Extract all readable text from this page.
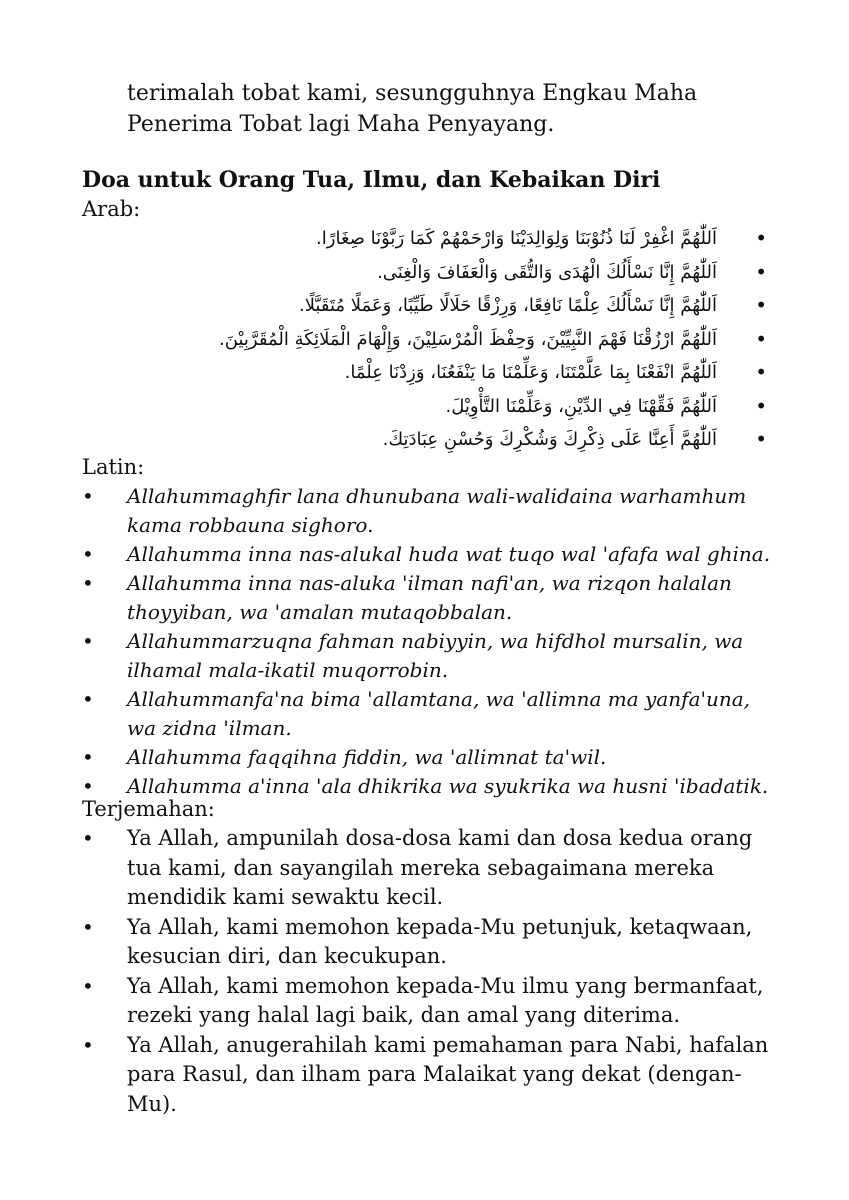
terimalah tobat kami, sesungguhnya Engkau Maha Penerima Tobat lagi Maha Penyayang.

Doa untuk Orang Tua, Ilmu, dan Kebaikan Diri

Arab:

•
اَللّٰهُمَّ اغْفِرْ لَنَا ذُنُوْبَنَا وَلِوَالِدَيْنَا وَارْحَمْهُمْ كَمَا رَبَّوْنَا صِغَارًا.
•
اَللّٰهُمَّ إِنَّا نَسْأَلُكَ الْهُدَى وَالتُّقَى وَالْعَفَافَ وَالْغِنَى.
•
اَللّٰهُمَّ إِنَّا نَسْأَلُكَ عِلْمًا نَافِعًا، وَرِزْقًا حَلَالًا طَيِّبًا، وَعَمَلًا مُتَقَبَّلًا.
•
اَللّٰهُمَّ ارْزُقْنَا فَهْمَ النَّبِيِّيْنَ، وَحِفْظَ الْمُرْسَلِيْنَ، وَإِلْهَامَ الْمَلَائِكَةِ الْمُقَرَّبِيْنَ.
•
اَللّٰهُمَّ انْفَعْنَا بِمَا عَلَّمْتَنَا، وَعَلِّمْنَا مَا يَنْفَعُنَا، وَزِدْنَا عِلْمًا.
•
اَللّٰهُمَّ فَقِّهْنَا فِي الدِّيْنِ، وَعَلِّمْنَا التَّأْوِيْلَ.
•
اَللّٰهُمَّ أَعِنَّا عَلَى ذِكْرِكَ وَشُكْرِكَ وَحُسْنِ عِبَادَتِكَ.

Latin:

• Allahummaghfir lana dhunubana wali-walidaina warhamhum kama robbauna sighoro.
• Allahumma inna nas-alukal huda wat tuqo wal 'afafa wal ghina.
• Allahumma inna nas-aluka 'ilman nafi'an, wa rizqon halalan thoyyiban, wa 'amalan mutaqobbalan.
• Allahummarzuqna fahman nabiyyin, wa hifdhol mursalin, wa ilhamal mala-ikatil muqorrobin.
• Allahummanfa'na bima 'allamtana, wa 'allimna ma yanfa'una, wa zidna 'ilman.
• Allahumma faqqihna fiddin, wa 'allimnat ta'wil.
• Allahumma a'inna 'ala dhikrika wa syukrika wa husni 'ibadatik.

Terjemahan:

• Ya Allah, ampunilah dosa-dosa kami dan dosa kedua orang tua kami, dan sayangilah mereka sebagaimana mereka mendidik kami sewaktu kecil.
• Ya Allah, kami memohon kepada-Mu petunjuk, ketaqwaan, kesucian diri, dan kecukupan.
• Ya Allah, kami memohon kepada-Mu ilmu yang bermanfaat, rezeki yang halal lagi baik, dan amal yang diterima.
• Ya Allah, anugerahilah kami pemahaman para Nabi, hafalan para Rasul, dan ilham para Malaikat yang dekat (dengan-Mu).
